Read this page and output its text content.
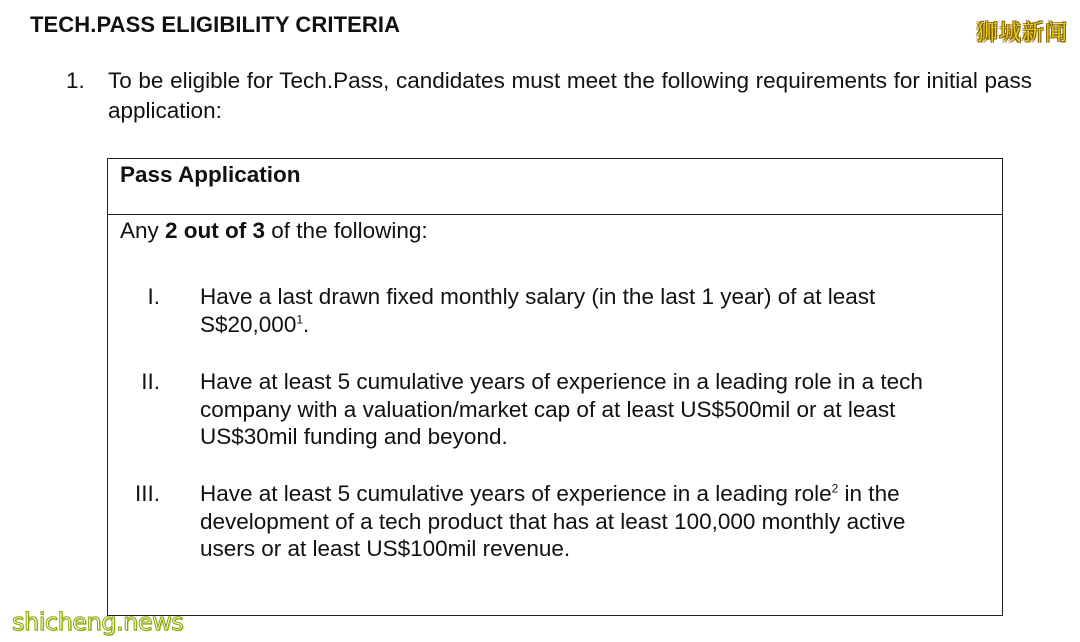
TECH.PASS ELIGIBILITY CRITERIA	狮城新闻
1.	To be eligible for Tech.Pass, candidates must meet the following requirements for initial pass application:
Pass Application
Any 2 out of 3 of the following:
I. Have a last drawn fixed monthly salary (in the last 1 year) of at least
S$20,000$^1$.
II. Have at least 5 cumulative years of experience in a leading role in a tech
company with a valuation/market cap of at least US$500mil or at least
US$30mil funding and beyond.
III. Have at least 5 cumulative years of experience in a leading role$^2$ in the
development of a tech product that has at least 100,000 monthly active
users or at least US$100mil revenue.
shicheng.news
